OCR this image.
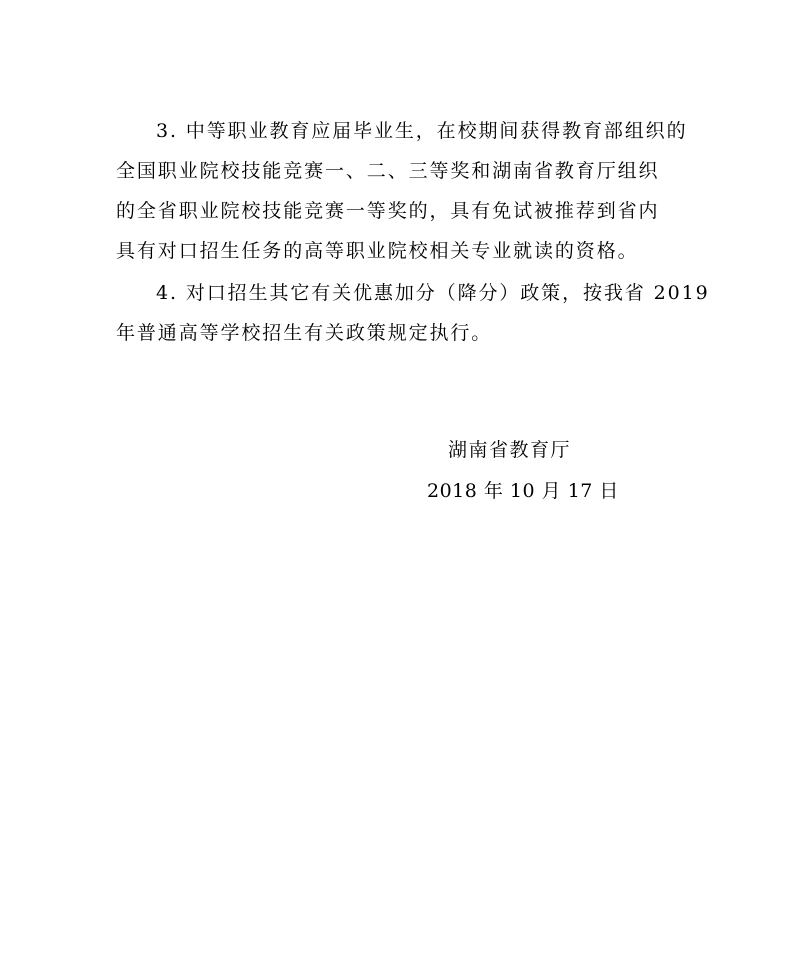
3. 中等职业教育应届毕业生，在校期间获得教育部组织的
全国职业院校技能竞赛一、二、三等奖和湖南省教育厅组织
的全省职业院校技能竞赛一等奖的，具有免试被推荐到省内
具有对口招生任务的高等职业院校相关专业就读的资格。
4. 对口招生其它有关优惠加分（降分）政策，按我省 2019
年普通高等学校招生有关政策规定执行。
湖南省教育厅
2018 年 10 月 17 日
